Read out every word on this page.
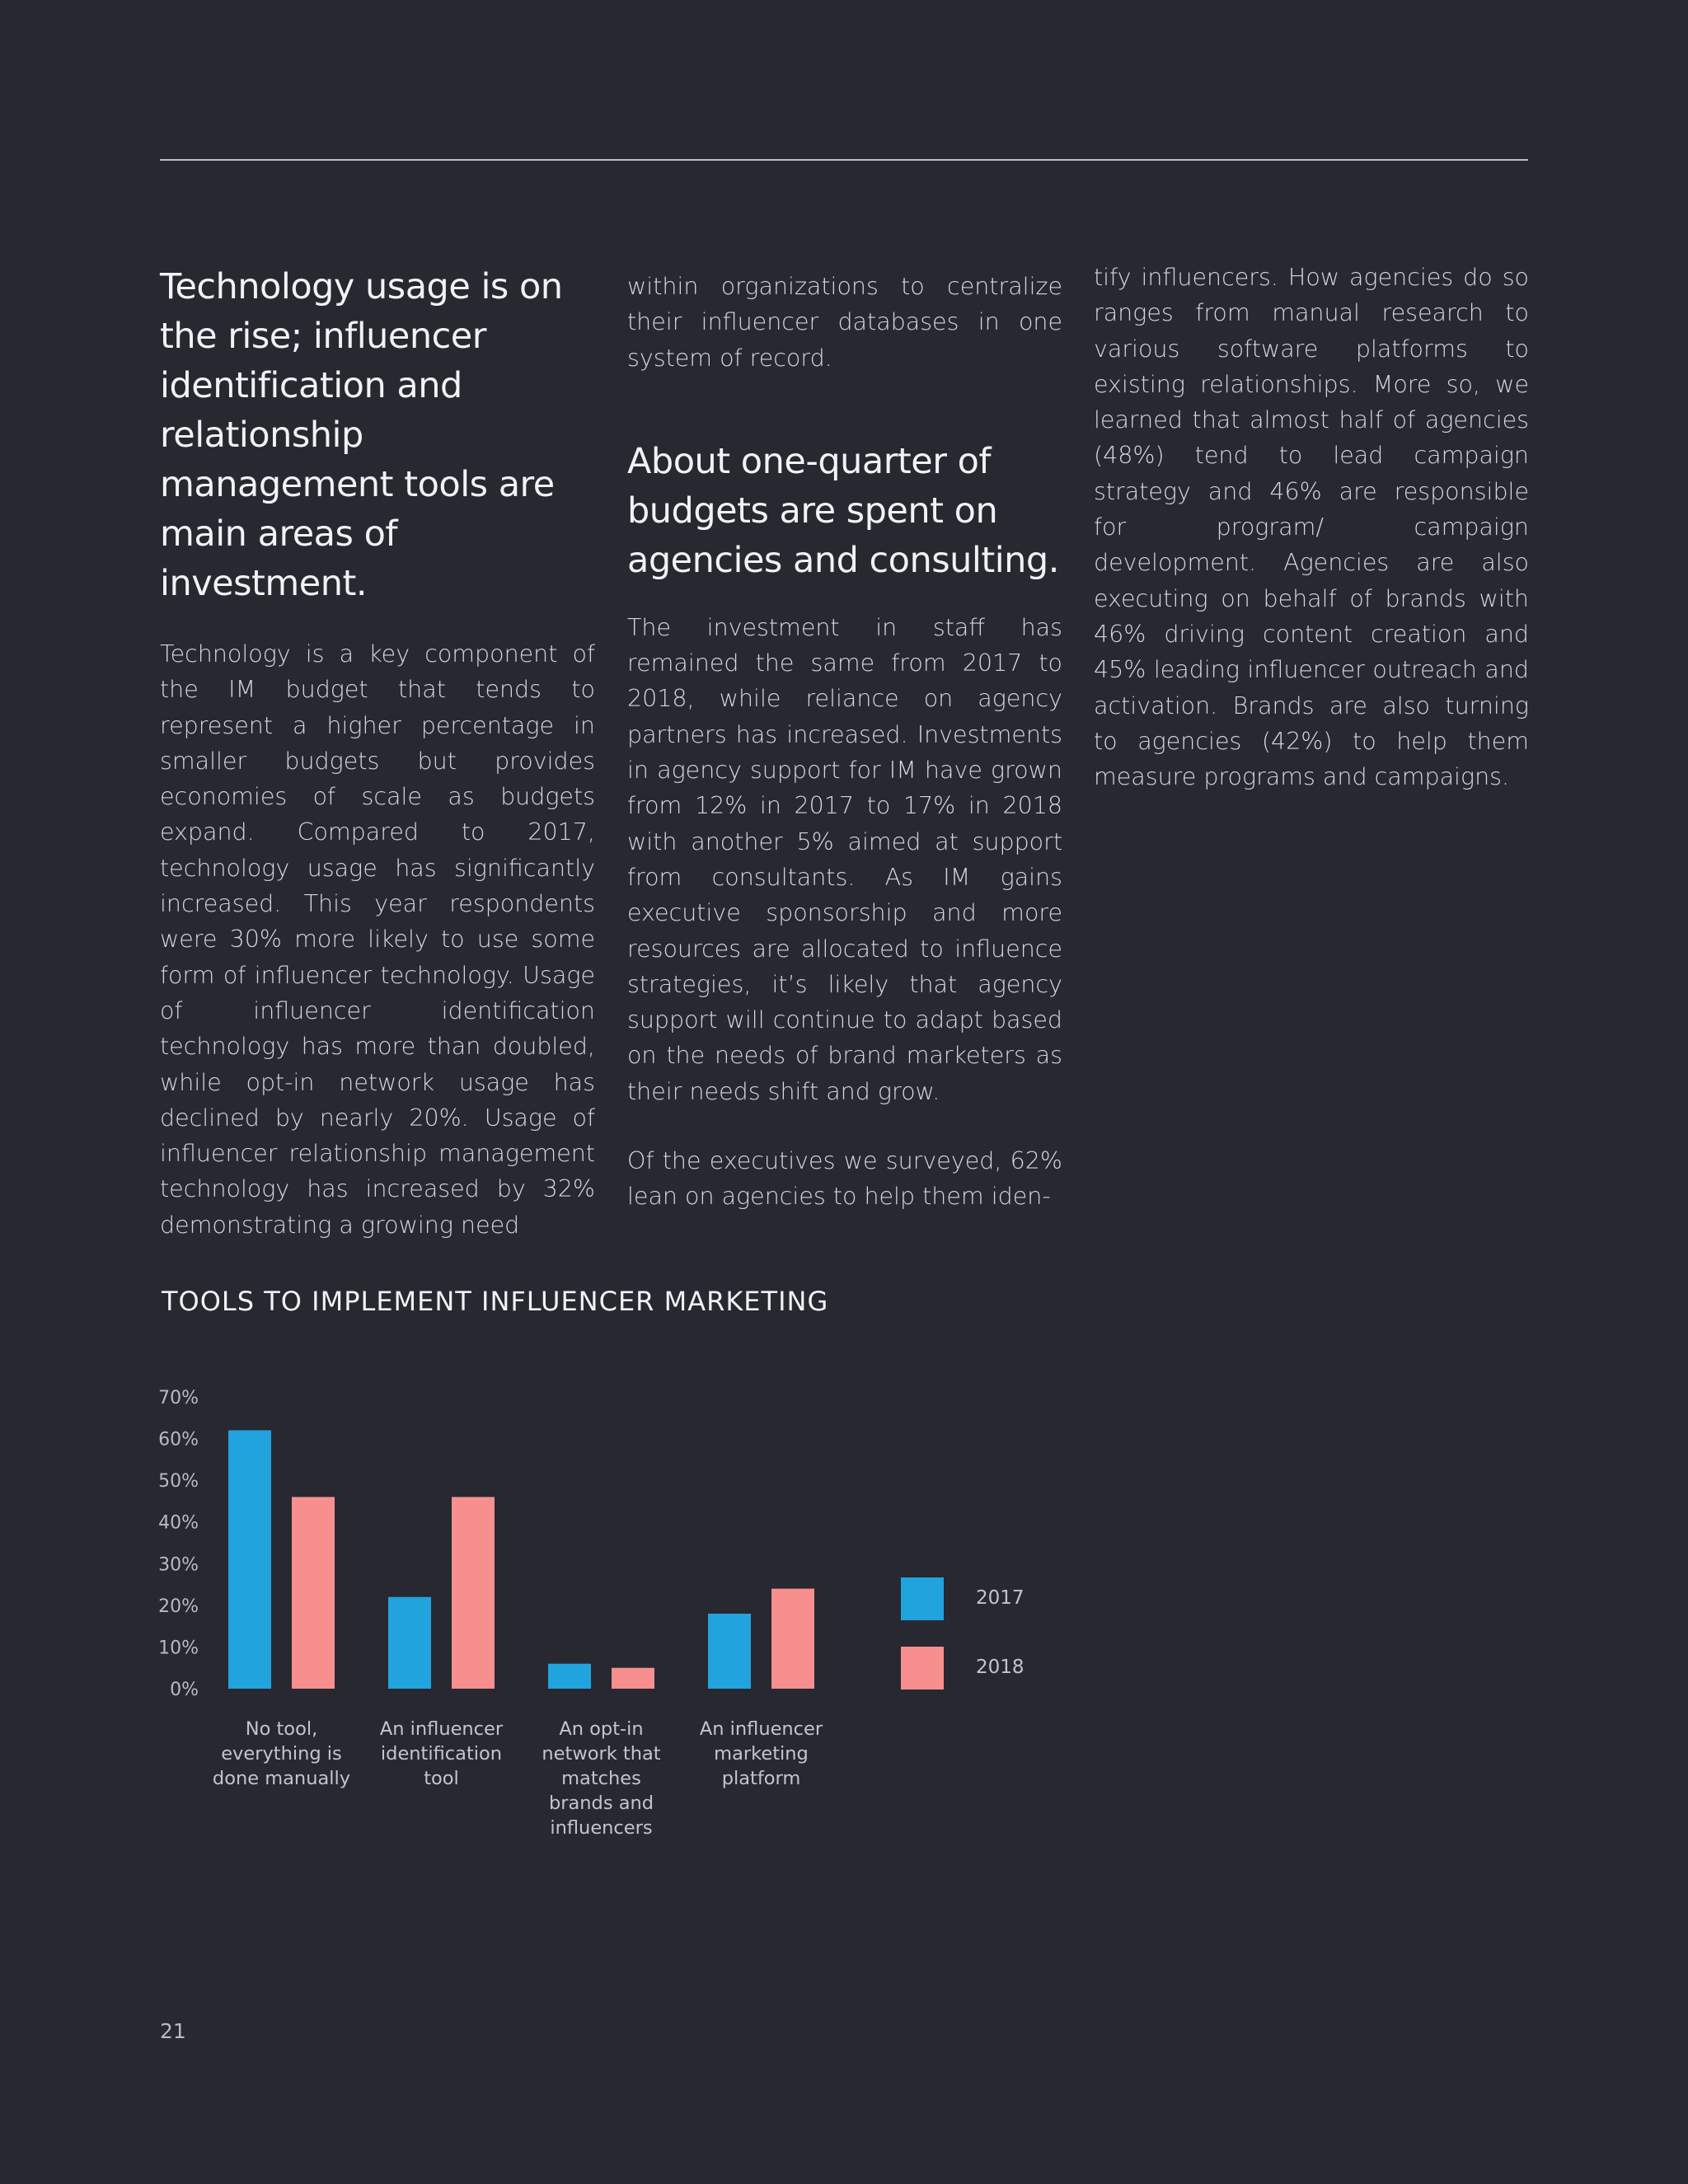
Technology usage is on the rise; influencer identification and relationship management tools are main areas of investment.

Technology is a key component of the IM budget that tends to represent a higher percentage in smaller budgets but provides economies of scale as budgets expand. Compared to 2017, technology usage has significantly increased. This year respondents were 30% more likely to use some form of influencer technology. Usage of influencer identification technology has more than doubled, while opt-in network usage has declined by nearly 20%. Usage of influencer relationship management technology has increased by 32% demonstrating a growing need

within organizations to centralize their influencer databases in one system of record.

About one-quarter of budgets are spent on agencies and consulting.

The investment in staff has remained the same from 2017 to 2018, while reliance on agency partners has increased. Investments in agency support for IM have grown from 12% in 2017 to 17% in 2018 with another 5% aimed at support from consultants. As IM gains executive sponsorship and more resources are allocated to influence strategies, it’s likely that agency support will continue to adapt based on the needs of brand marketers as their needs shift and grow.

Of the executives we surveyed, 62% lean on agencies to help them iden-

tify influencers. How agencies do so ranges from manual research to various software platforms to existing relationships. More so, we learned that almost half of agencies (48%) tend to lead campaign strategy and 46% are responsible for program/ campaign development. Agencies are also executing on behalf of brands with 46% driving content creation and 45% leading influencer outreach and activation. Brands are also turning to agencies (42%) to help them measure programs and campaigns.

TOOLS TO IMPLEMENT INFLUENCER MARKETING
0%
10%
20%
30%
40%
50%
60%
70%
No tool, everything is done manually
An influencer identification tool
An opt-in network that matches brands and influencers
An influencer marketing platform
2017
2018
21
